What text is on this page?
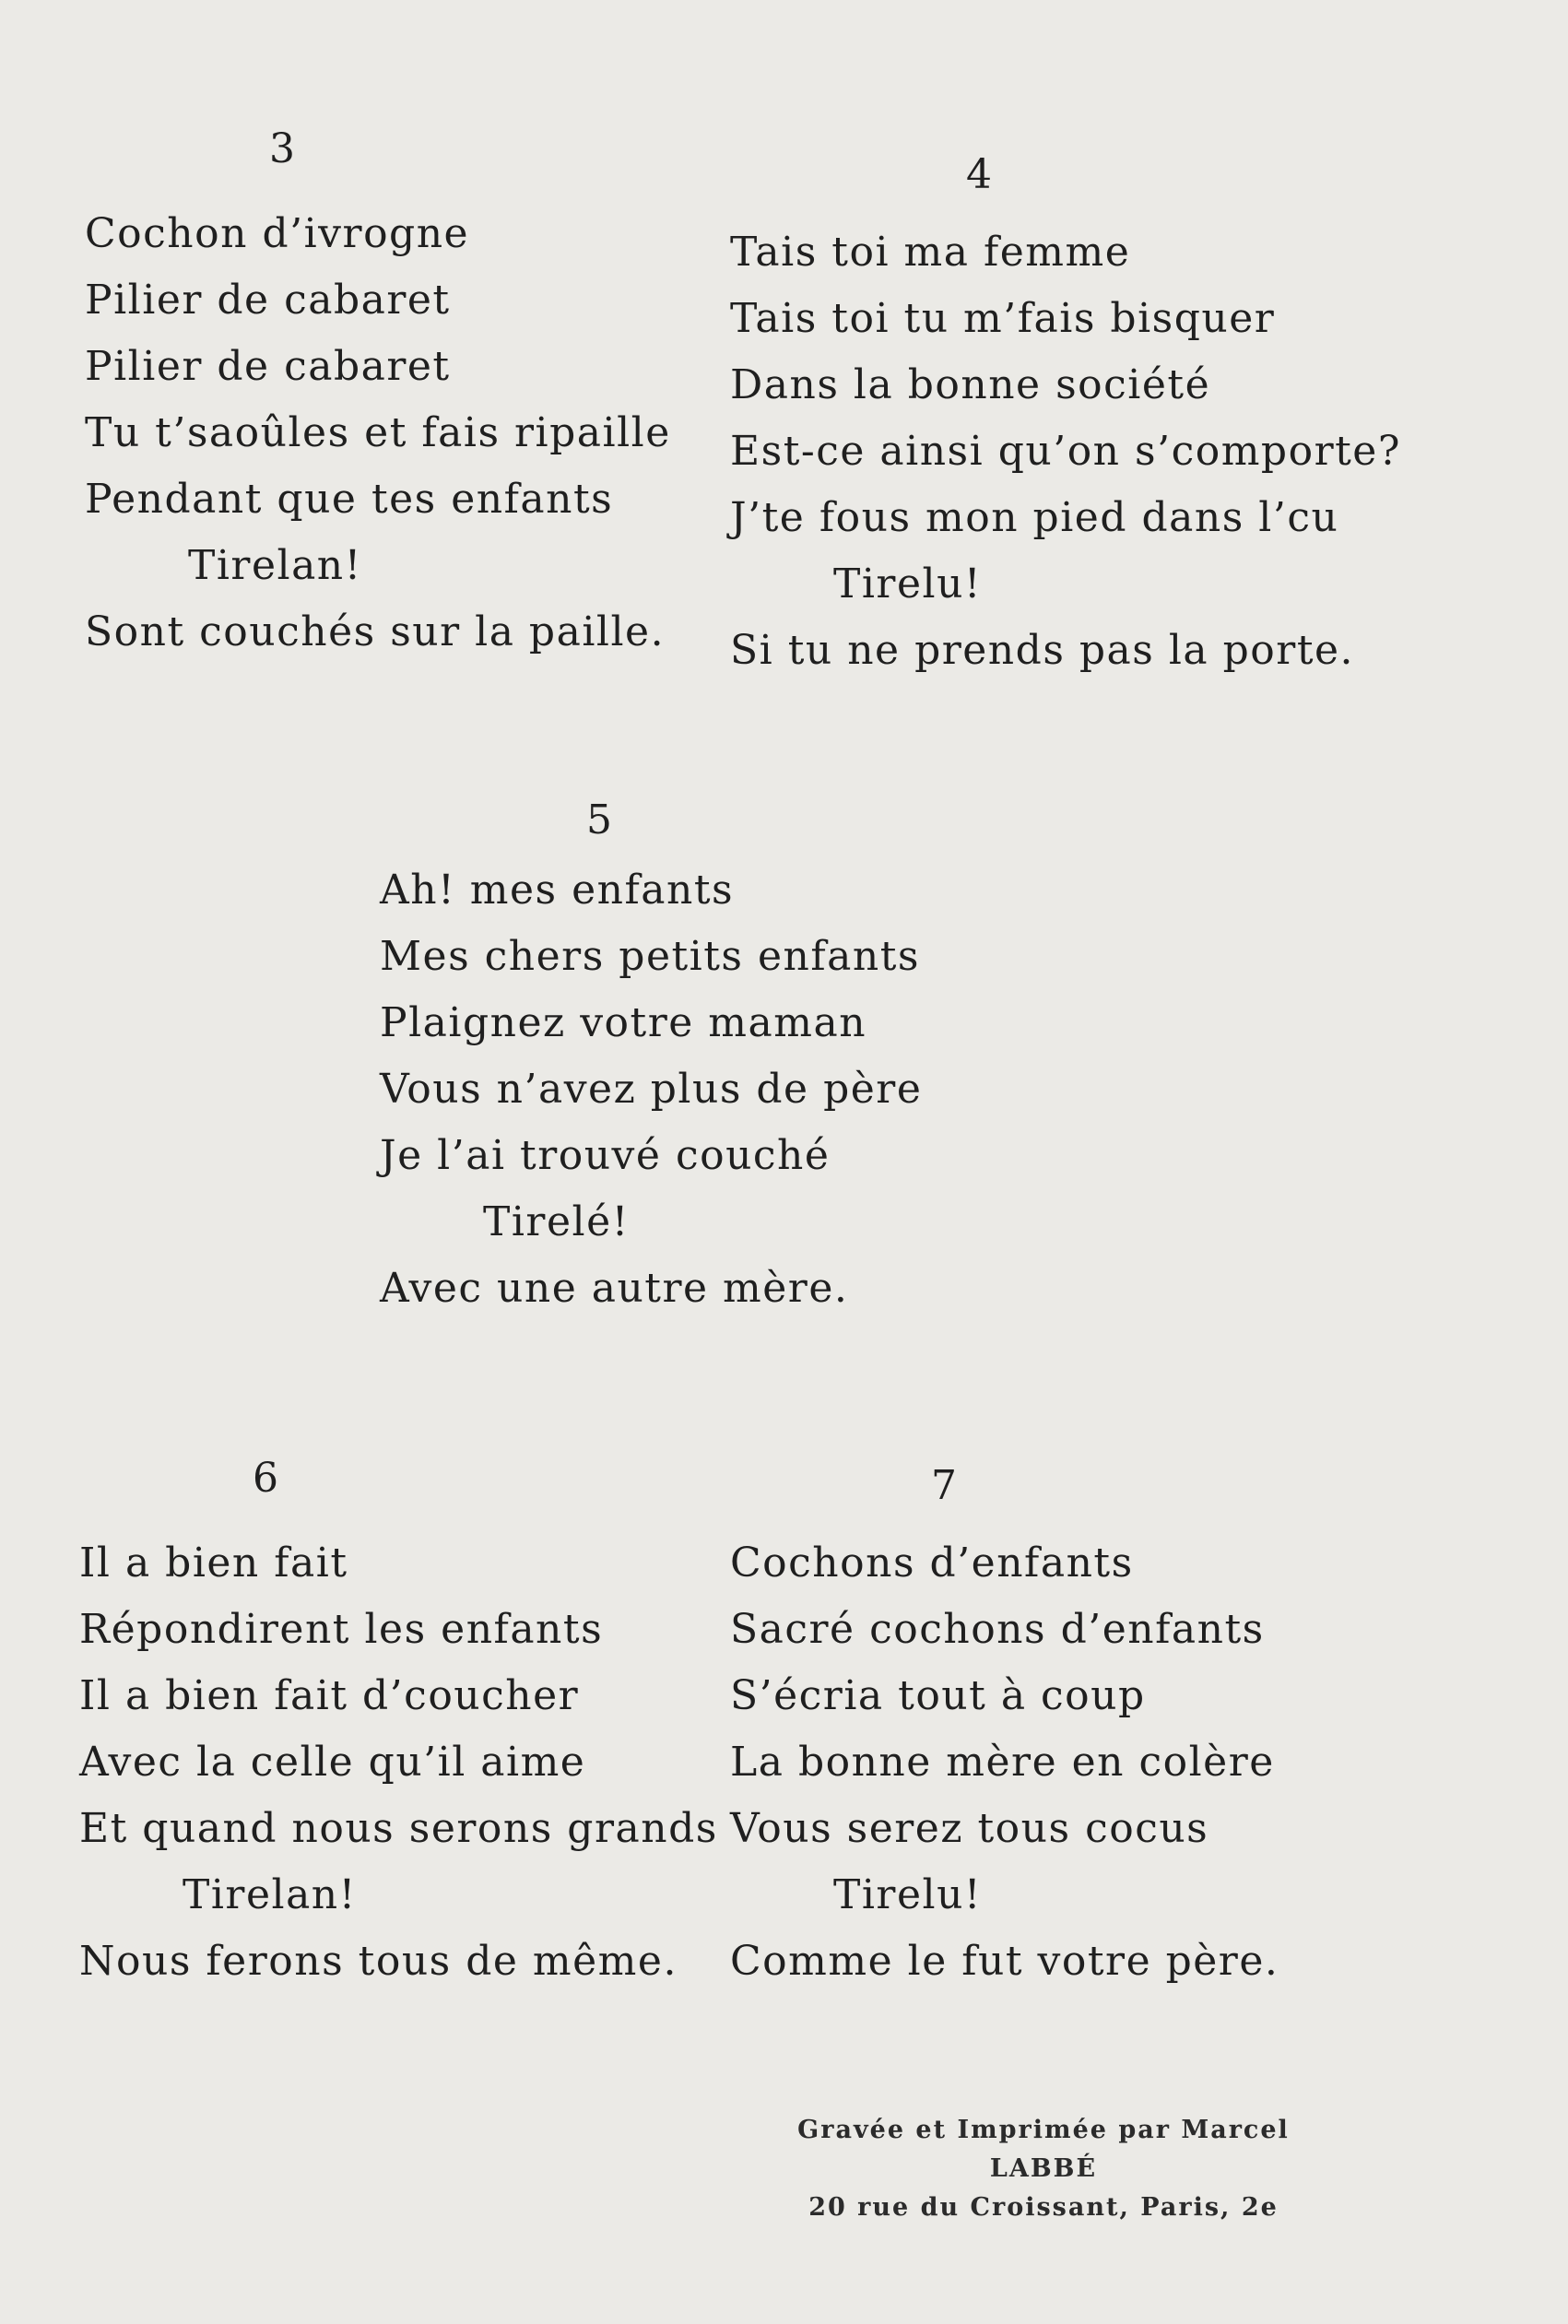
3
Cochon d’ivrogne
Pilier de cabaret
Pilier de cabaret
Tu t’saoûles et fais ripaille
Pendant que tes enfants
Tirelan!
Sont couchés sur la paille.
4
Tais toi ma femme
Tais toi tu m’fais bisquer
Dans la bonne société
Est-ce ainsi qu’on s’comporte?
J’te fous mon pied dans l’cu
Tirelu!
Si tu ne prends pas la porte.
5
Ah! mes enfants
Mes chers petits enfants
Plaignez votre maman
Vous n’avez plus de père
Je l’ai trouvé couché
Tirelé!
Avec une autre mère.
6
Il a bien fait
Répondirent les enfants
Il a bien fait d’coucher
Avec la celle qu’il aime
Et quand nous serons grands
Tirelan!
Nous ferons tous de même.
7
Cochons d’enfants
Sacré cochons d’enfants
S’écria tout à coup
La bonne mère en colère
Vous serez tous cocus
Tirelu!
Comme le fut votre père.
Gravée et Imprimée par Marcel LABBÉ
20 rue du Croissant, Paris, 2e
